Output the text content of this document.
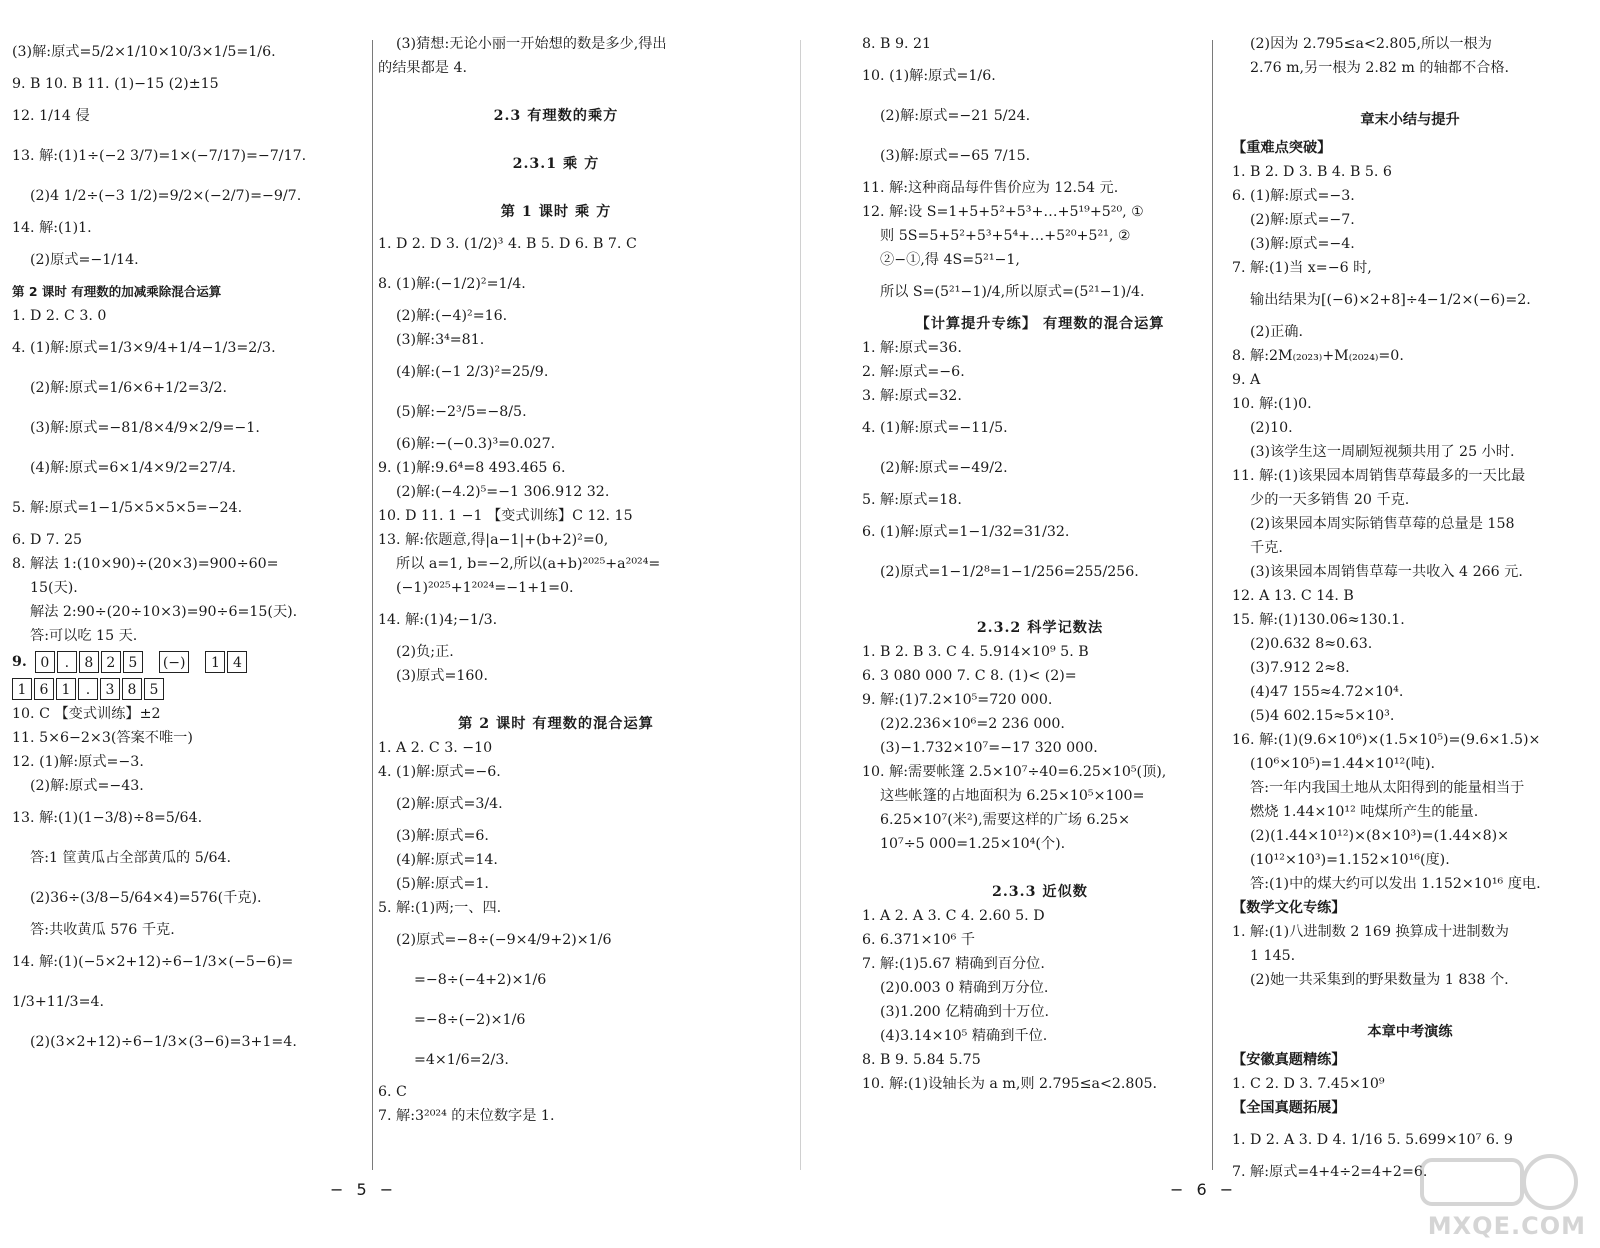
(3)解:原式=5/2×1/10×10/3×1/5=1/6.
9. B 10. B 11. (1)−15 (2)±15
12. 1/14 侵
13. 解:(1)1÷(−2 3/7)=1×(−7/17)=−7/17.
(2)4 1/2÷(−3 1/2)=9/2×(−2/7)=−9/7.
14. 解:(1)1.
(2)原式=−1/14.
第 2 课时 有理数的加减乘除混合运算
1. D 2. C 3. 0
4. (1)解:原式=1/3×9/4+1/4−1/3=2/3.
(2)解:原式=1/6×6+1/2=3/2.
(3)解:原式=−81/8×4/9×2/9=−1.
(4)解:原式=6×1/4×9/2=27/4.
5. 解:原式=1−1/5×5×5×5=−24.
6. D 7. 25
8. 解法 1:(10×90)÷(20×3)=900÷60=
15(天).
解法 2:90÷(20÷10×3)=90÷6=15(天).
答:可以吃 15 天.
9. 0	.	8 2 5	(−)	1 4
1 6 1	.	3 8 5
10. C 【变式训练】±2
11. 5×6−2×3(答案不唯一)
12. (1)解:原式=−3.
(2)解:原式=−43.
13. 解:(1)(1−3/8)÷8=5/64.
答:1 筐黄瓜占全部黄瓜的 5/64.
(2)36÷(3/8−5/64×4)=576(千克).
答:共收黄瓜 576 千克.
14. 解:(1)(−5×2+12)÷6−1/3×(−5−6)=
1/3+11/3=4.
(2)(3×2+12)÷6−1/3×(3−6)=3+1=4.
(3)猜想:无论小丽一开始想的数是多少,得出
的结果都是 4.
2.3 有理数的乘方
2.3.1 乘 方
第 1 课时 乘 方
1. D 2. D 3. (1/2)³ 4. B 5. D 6. B 7. C
8. (1)解:(−1/2)²=1/4.
(2)解:(−4)²=16.
(3)解:3⁴=81.
(4)解:(−1 2/3)²=25/9.
(5)解:−2³/5=−8/5.
(6)解:−(−0.3)³=0.027.
9. (1)解:9.6⁴=8 493.465 6.
(2)解:(−4.2)⁵=−1 306.912 32.
10. D 11. 1 −1 【变式训练】C 12. 15
13. 解:依题意,得|a−1|+(b+2)²=0,
所以 a=1, b=−2,所以(a+b)²⁰²⁵+a²⁰²⁴=
(−1)²⁰²⁵+1²⁰²⁴=−1+1=0.
14. 解:(1)4;−1/3.
(2)负;正.
(3)原式=160.
第 2 课时 有理数的混合运算
1. A 2. C 3. −10
4. (1)解:原式=−6.
(2)解:原式=3/4.
(3)解:原式=6.
(4)解:原式=14.
(5)解:原式=1.
5. 解:(1)两;一、四.
(2)原式=−8÷(−9×4/9+2)×1/6
=−8÷(−4+2)×1/6
=−8÷(−2)×1/6
=4×1/6=2/3.
6. C
7. 解:3²⁰²⁴ 的末位数字是 1.
8. B 9. 21
10. (1)解:原式=1/6.
(2)解:原式=−21 5/24.
(3)解:原式=−65 7/15.
11. 解:这种商品每件售价应为 12.54 元.
12. 解:设 S=1+5+5²+5³+…+5¹⁹+5²⁰, ①
则 5S=5+5²+5³+5⁴+…+5²⁰+5²¹, ②
②−①,得 4S=5²¹−1,
所以 S=(5²¹−1)/4,所以原式=(5²¹−1)/4.
【计算提升专练】 有理数的混合运算
1. 解:原式=36.
2. 解:原式=−6.
3. 解:原式=32.
4. (1)解:原式=−11/5.
(2)解:原式=−49/2.
5. 解:原式=18.
6. (1)解:原式=1−1/32=31/32.
(2)原式=1−1/2⁸=1−1/256=255/256.
2.3.2 科学记数法
1. B 2. B 3. C 4. 5.914×10⁹ 5. B
6. 3 080 000 7. C 8. (1)< (2)=
9. 解:(1)7.2×10⁵=720 000.
(2)2.236×10⁶=2 236 000.
(3)−1.732×10⁷=−17 320 000.
10. 解:需要帐篷 2.5×10⁷÷40=6.25×10⁵(顶),
这些帐篷的占地面积为 6.25×10⁵×100=
6.25×10⁷(米²),需要这样的广场 6.25×
10⁷÷5 000=1.25×10⁴(个).
2.3.3 近似数
1. A 2. A 3. C 4. 2.60 5. D
6. 6.371×10⁶ 千
7. 解:(1)5.67 精确到百分位.
(2)0.003 0 精确到万分位.
(3)1.200 亿精确到十万位.
(4)3.14×10⁵ 精确到千位.
8. B 9. 5.84 5.75
10. 解:(1)设轴长为 a m,则 2.795≤a<2.805.
(2)因为 2.795≤a<2.805,所以一根为
2.76 m,另一根为 2.82 m 的轴都不合格.
章末小结与提升
【重难点突破】
1. B 2. D 3. B 4. B 5. 6
6. (1)解:原式=−3.
(2)解:原式=−7.
(3)解:原式=−4.
7. 解:(1)当 x=−6 时,
输出结果为[(−6)×2+8]÷4−1/2×(−6)=2.
(2)正确.
8. 解:2M₍₂₀₂₃₎+M₍₂₀₂₄₎=0.
9. A
10. 解:(1)0.
(2)10.
(3)该学生这一周刷短视频共用了 25 小时.
11. 解:(1)该果园本周销售草莓最多的一天比最
少的一天多销售 20 千克.
(2)该果园本周实际销售草莓的总量是 158
千克.
(3)该果园本周销售草莓一共收入 4 266 元.
12. A 13. C 14. B
15. 解:(1)130.06≈130.1.
(2)0.632 8≈0.63.
(3)7.912 2≈8.
(4)47 155≈4.72×10⁴.
(5)4 602.15≈5×10³.
16. 解:(1)(9.6×10⁶)×(1.5×10⁵)=(9.6×1.5)×
(10⁶×10⁵)=1.44×10¹²(吨).
答:一年内我国土地从太阳得到的能量相当于
燃烧 1.44×10¹² 吨煤所产生的能量.
(2)(1.44×10¹²)×(8×10³)=(1.44×8)×
(10¹²×10³)=1.152×10¹⁶(度).
答:(1)中的煤大约可以发出 1.152×10¹⁶ 度电.
【数学文化专练】
1. 解:(1)八进制数 2 169 换算成十进制数为
1 145.
(2)她一共采集到的野果数量为 1 838 个.
本章中考演练
【安徽真题精练】
1. C 2. D 3. 7.45×10⁹
【全国真题拓展】
1. D 2. A 3. D 4. 1/16 5. 5.699×10⁷ 6. 9
7. 解:原式=4+4÷2=4+2=6.
− 5 −	− 6 −
MXQE.COM
